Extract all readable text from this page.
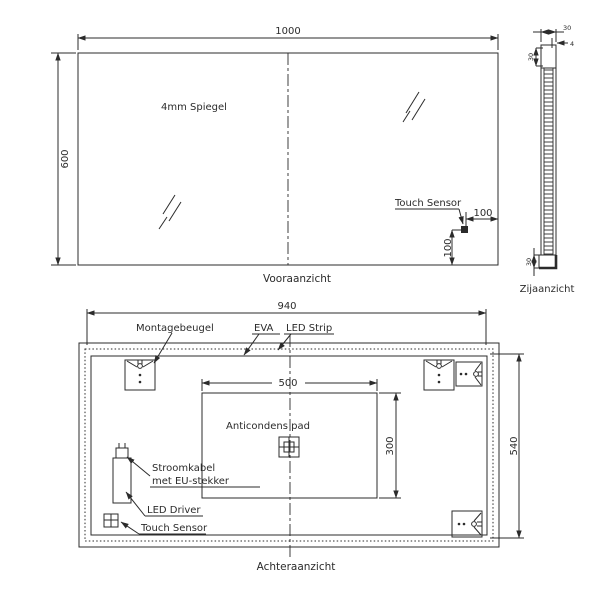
4mm Spiegel
1000
600
Touch Sensor
100
100
Vooraanzicht
30
4
30
30
Zijaanzicht
940
540
Montagebeugel	EVA LED Strip
Anticondens pad
500
300
Stroomkabel
met EU-stekker
LED Driver
Touch Sensor
Achteraanzicht
